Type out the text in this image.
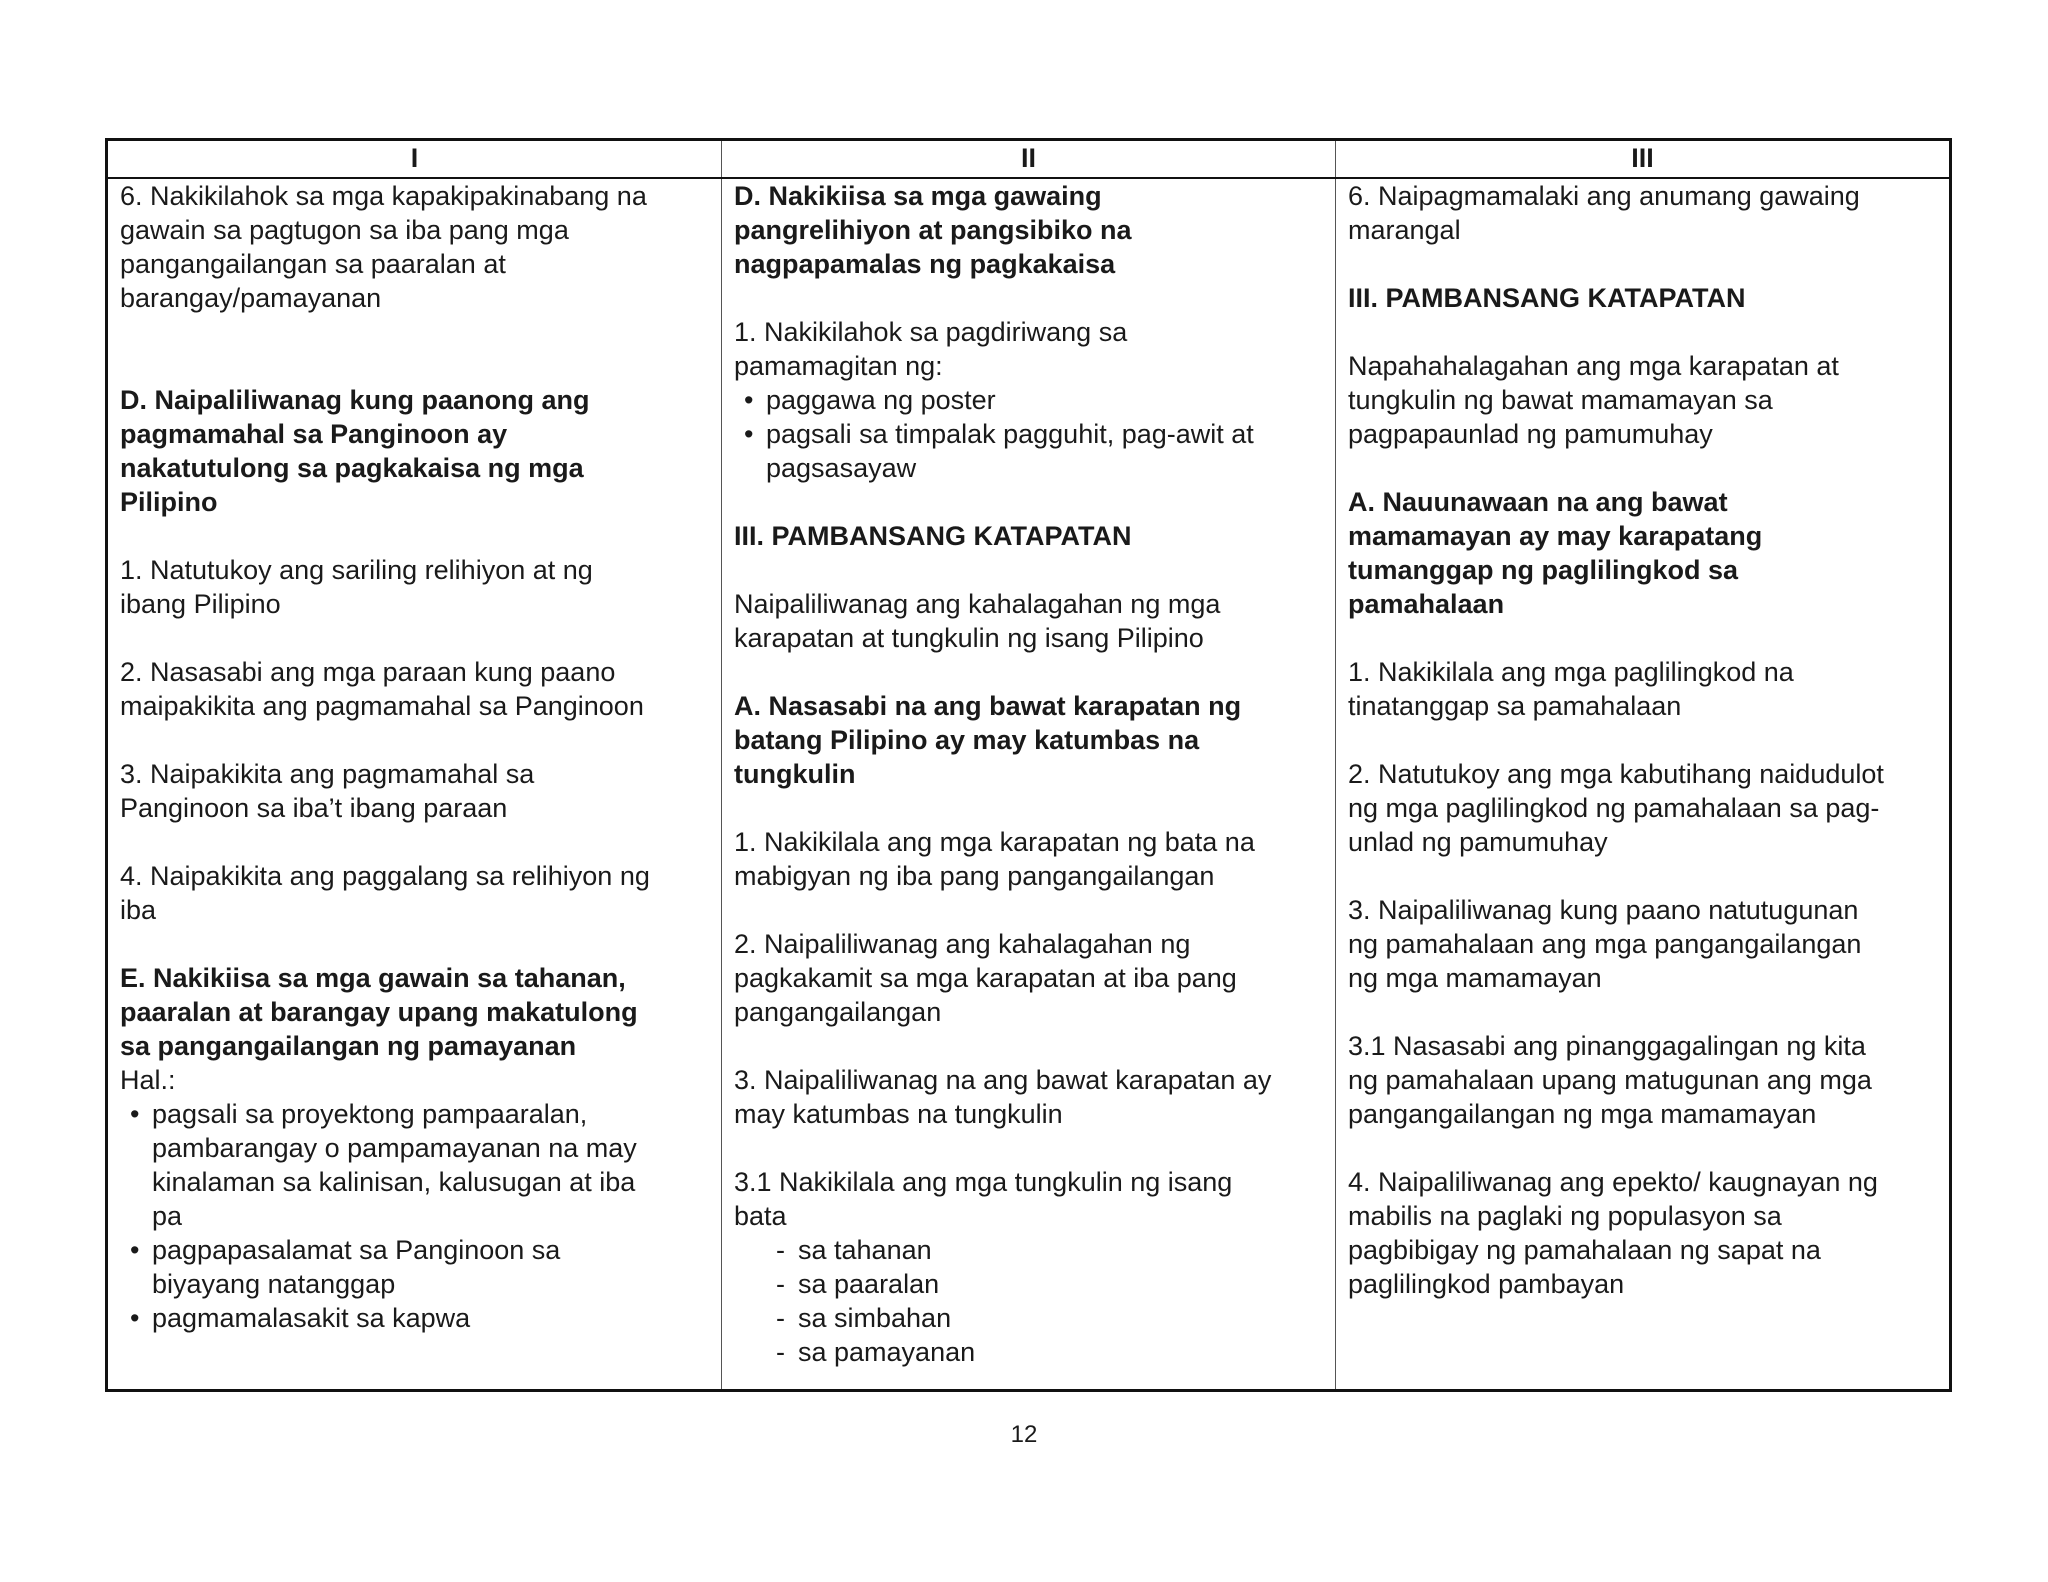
I	II	III

6. Nakikilahok sa mga kapakipakinabang na
gawain sa pagtugon sa iba pang mga
pangangailangan sa paaralan at
barangay/pamayanan

D. Naipaliliwanag kung paanong ang
pagmamahal sa Panginoon ay
nakatutulong sa pagkakaisa ng mga
Pilipino

1. Natutukoy ang sariling relihiyon at ng
ibang Pilipino

2. Nasasabi ang mga paraan kung paano
maipakikita ang pagmamahal sa Panginoon

3. Naipakikita ang pagmamahal sa
Panginoon sa iba’t ibang paraan

4. Naipakikita ang paggalang sa relihiyon ng
iba

E. Nakikiisa sa mga gawain sa tahanan,
paaralan at barangay upang makatulong
sa pangangailangan ng pamayanan

Hal.:

• pagsali sa proyektong pampaaralan,
pambarangay o pampamayanan na may
kinalaman sa kalinisan, kalusugan at iba
pa
• pagpapasalamat sa Panginoon sa
biyayang natanggap
• pagmamalasakit sa kapwa

D. Nakikiisa sa mga gawaing
pangrelihiyon at pangsibiko na
nagpapamalas ng pagkakaisa

1. Nakikilahok sa pagdiriwang sa
pamamagitan ng:

• paggawa ng poster
• pagsali sa timpalak pagguhit, pag-awit at
pagsasayaw

III. PAMBANSANG KATAPATAN

Naipaliliwanag ang kahalagahan ng mga
karapatan at tungkulin ng isang Pilipino

A. Nasasabi na ang bawat karapatan ng
batang Pilipino ay may katumbas na
tungkulin

1. Nakikilala ang mga karapatan ng bata na
mabigyan ng iba pang pangangailangan

2. Naipaliliwanag ang kahalagahan ng
pagkakamit sa mga karapatan at iba pang
pangangailangan

3. Naipaliliwanag na ang bawat karapatan ay
may katumbas na tungkulin

3.1 Nakikilala ang mga tungkulin ng isang
bata

- sa tahanan
- sa paaralan
- sa simbahan
- sa pamayanan

6. Naipagmamalaki ang anumang gawaing
marangal

III. PAMBANSANG KATAPATAN

Napahahalagahan ang mga karapatan at
tungkulin ng bawat mamamayan sa
pagpapaunlad ng pamumuhay

A. Nauunawaan na ang bawat
mamamayan ay may karapatang
tumanggap ng paglilingkod sa
pamahalaan

1. Nakikilala ang mga paglilingkod na
tinatanggap sa pamahalaan

2. Natutukoy ang mga kabutihang naidudulot
ng mga paglilingkod ng pamahalaan sa pag-
unlad ng pamumuhay

3. Naipaliliwanag kung paano natutugunan
ng pamahalaan ang mga pangangailangan
ng mga mamamayan

3.1 Nasasabi ang pinanggagalingan ng kita
ng pamahalaan upang matugunan ang mga
pangangailangan ng mga mamamayan

4. Naipaliliwanag ang epekto/ kaugnayan ng
mabilis na paglaki ng populasyon sa
pagbibigay ng pamahalaan ng sapat na
paglilingkod pambayan

12
